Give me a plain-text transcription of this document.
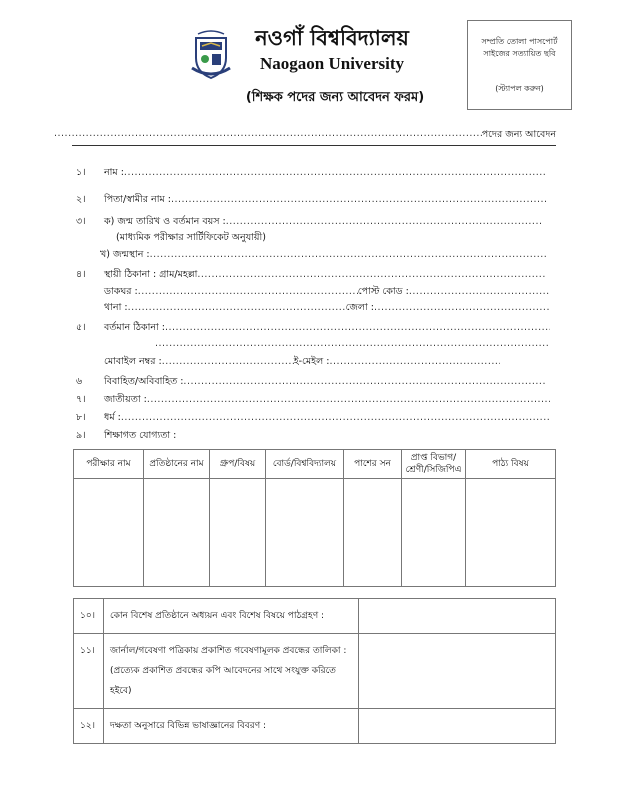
নওগাঁ বিশ্ববিদ্যালয়
Naogaon University
(শিক্ষক পদের জন্য আবেদন ফরম)
সম্প্রতি তোলা পাসপোর্ট
সাইজের সত্যায়িত ছবি
(স্ট্যাপল করুন)
.....
পদের জন্য আবেদন
১।	নাম :
.....
২।	পিতা/স্বামীর নাম :
.....
৩।	ক) জন্ম তারিখ ও বর্তমান বয়স :
.....
(মাধ্যমিক পরীক্ষার সার্টিফিকেট অনুযায়ী)
খ) জন্মস্থান :
.....
৪।	স্থায়ী ঠিকানা : গ্রাম/মহল্লা
.....
ডাকঘর : .....	পোস্ট কোড :
.....
থানা : .....	জেলা :
.....
৫।	বর্তমান ঠিকানা :
.....
.....
মোবাইল নম্বর : .....	ই-মেইল :
.....
৬	বিবাহিত/অবিবাহিত :
.....
৭।	জাতীয়তা :
.....
৮।	ধর্ম :
.....
৯।	শিক্ষাগত যোগ্যতা :
পরীক্ষার নাম	প্রতিষ্ঠানের নাম	গ্রুপ/বিষয়	বোর্ড/বিশ্ববিদ্যালয়	পাশের সন	প্রাপ্ত বিভাগ/ শ্রেণী/সিজিপিএ	পাঠ্য বিষয়

১০।	কোন বিশেষ প্রতিষ্ঠানে অধ্যয়ন এবং বিশেষ বিষয়ে পাঠগ্রহণ :	
১১।	জার্নাল/গবেষণা পত্রিকায় প্রকাশিত গবেষণামূলক প্রবন্ধের তালিকা :
(প্রত্যেক প্রকাশিত প্রবন্ধের কপি আবেদনের সাথে সংযুক্ত করিতে হইবে)	

১২।	দক্ষতা অনুসারে বিভিন্ন ভাষাজ্ঞানের বিবরণ :	
